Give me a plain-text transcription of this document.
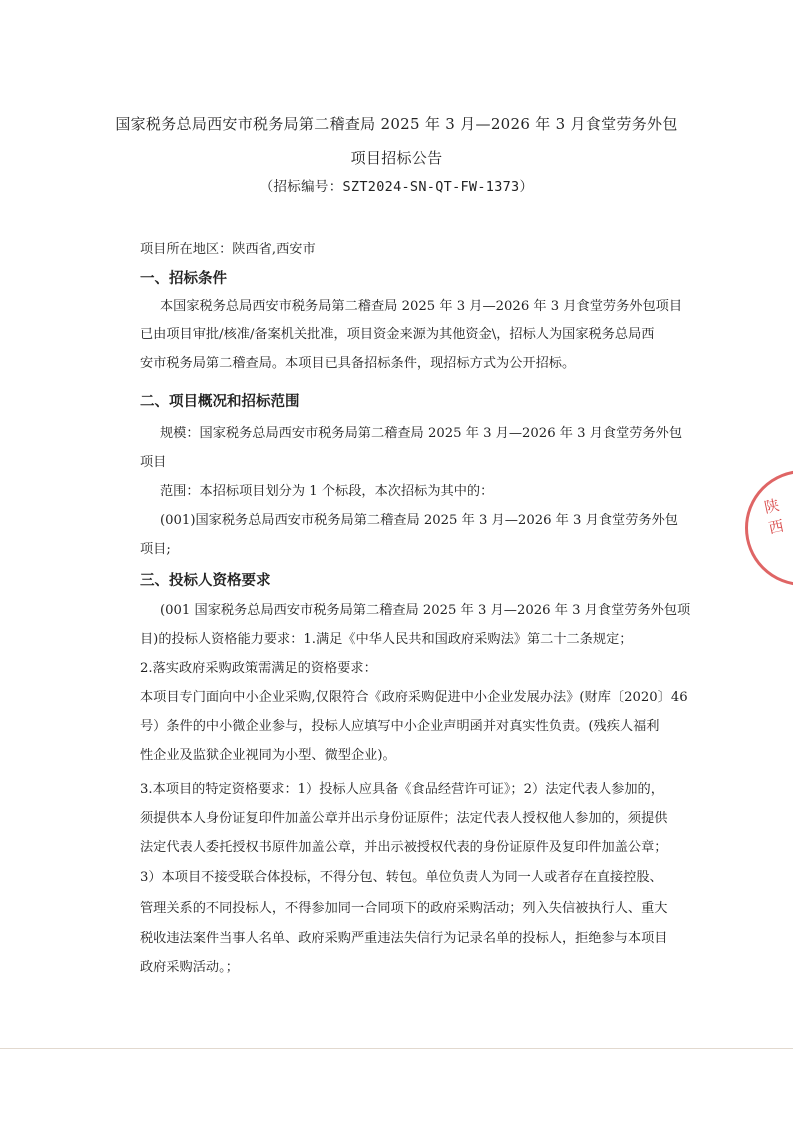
国家税务总局西安市税务局第二稽查局 2025 年 3 月—2026 年 3 月食堂劳务外包
项目招标公告
（招标编号：SZT2024-SN-QT-FW-1373）
项目所在地区：陕西省,西安市
一、招标条件
本国家税务总局西安市税务局第二稽查局 2025 年 3 月—2026 年 3 月食堂劳务外包项目
已由项目审批/核准/备案机关批准，项目资金来源为其他资金\，招标人为国家税务总局西
安市税务局第二稽查局。本项目已具备招标条件，现招标方式为公开招标。
二、项目概况和招标范围
规模：国家税务总局西安市税务局第二稽查局 2025 年 3 月—2026 年 3 月食堂劳务外包
项目
范围：本招标项目划分为 1 个标段，本次招标为其中的：
(001)国家税务总局西安市税务局第二稽查局 2025 年 3 月—2026 年 3 月食堂劳务外包
项目;
三、投标人资格要求
(001 国家税务总局西安市税务局第二稽查局 2025 年 3 月—2026 年 3 月食堂劳务外包项
目)的投标人资格能力要求：1.满足《中华人民共和国政府采购法》第二十二条规定；
2.落实政府采购政策需满足的资格要求：
本项目专门面向中小企业采购,仅限符合《政府采购促进中小企业发展办法》(财库〔2020〕46
号）条件的中小微企业参与，投标人应填写中小企业声明函并对真实性负责。(残疾人福利
性企业及监狱企业视同为小型、微型企业)。
3.本项目的特定资格要求：1）投标人应具备《食品经营许可证》；2）法定代表人参加的，
须提供本人身份证复印件加盖公章并出示身份证原件；法定代表人授权他人参加的，须提供
法定代表人委托授权书原件加盖公章，并出示被授权代表的身份证原件及复印件加盖公章；
3）本项目不接受联合体投标，不得分包、转包。单位负责人为同一人或者存在直接控股、
管理关系的不同投标人，不得参加同一合同项下的政府采购活动；列入失信被执行人、重大
税收违法案件当事人名单、政府采购严重违法失信行为记录名单的投标人，拒绝参与本项目
政府采购活动。；
陕西
